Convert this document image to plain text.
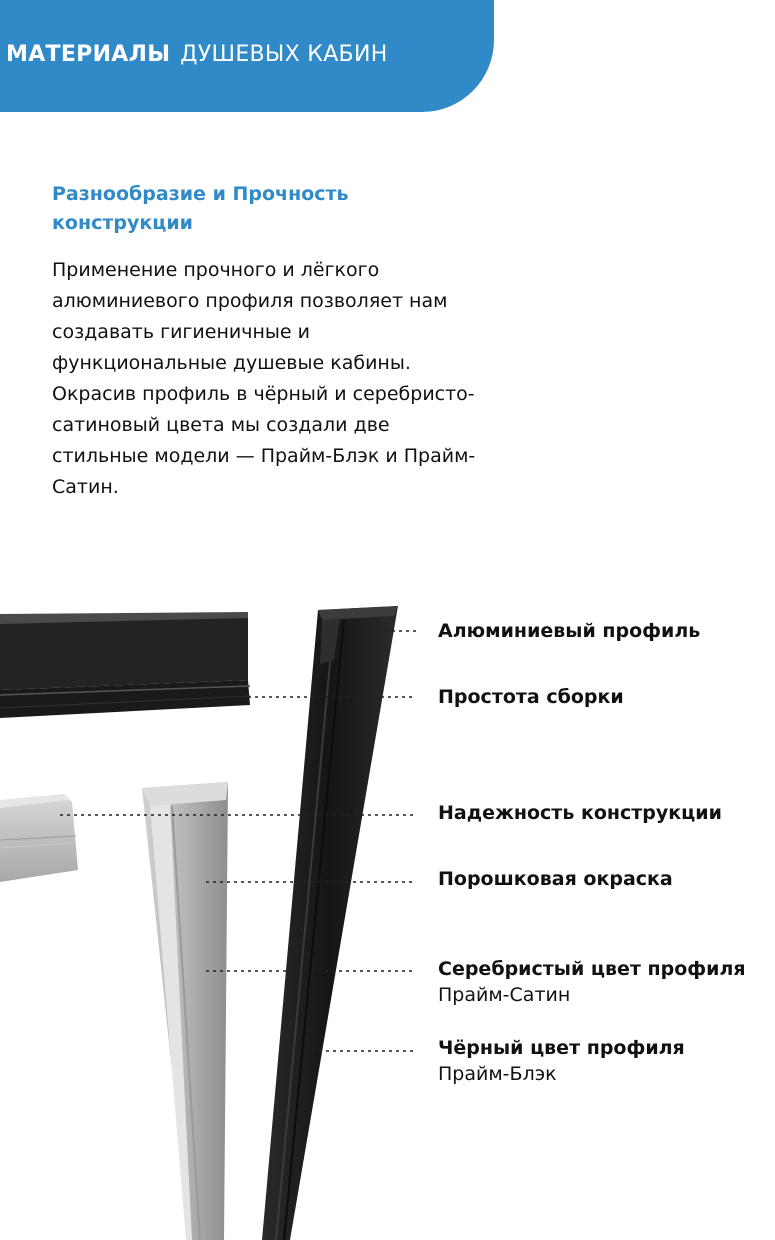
МАТЕРИАЛЫ ДУШЕВЫХ КАБИН
Разнообразие и Прочность конструкции
Применение прочного и лёгкого алюминиевого профиля позволяет нам создавать гигиеничные и функциональные душевые кабины. Окрасив профиль в чёрный и серебристо-сатиновый цвета мы создали две стильные модели — Прайм-Блэк и Прайм-Сатин.
Алюминиевый профиль
Простота сборки
Надежность конструкции
Порошковая окраска
Серебристый цвет профиля
Прайм-Сатин
Чёрный цвет профиля
Прайм-Блэк
